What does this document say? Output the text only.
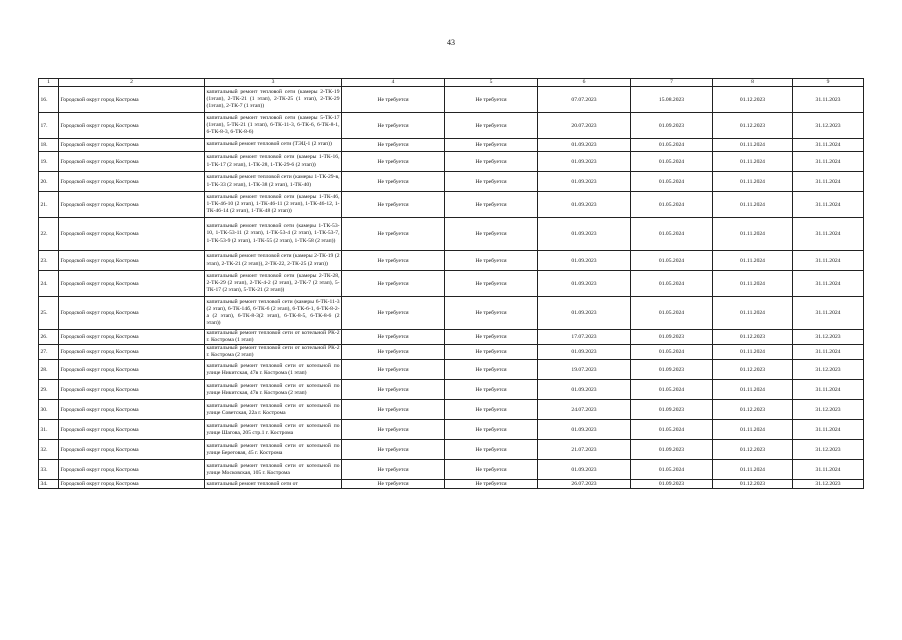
43
1	2	3	4	5	6	7	8	9
16.	Городской округ город Кострома	капитальный ремонт тепловой сети (камеры 2-ТК-19 (1этап), 2-ТК-21 (1 этап), 2-ТК-25 (1 этап), 2-ТК-29 (1этап), 2-ТК-7 (1 этап))	Не требуется	Не требуется	07.07.2023	15.08.2023	01.12.2023	31.11.2023
17.	Городской округ город Кострома	капитальный ремонт тепловой сети (камеры 5-ТК-17 (1этап), 5-ТК-21 (1 этап), 6-ТК-11-3, 6-ТК-6, 6-ТК-8-1, 6-ТК-8-3, 6-ТК-8-6)	Не требуется	Не требуется	20.07.2023	01.09.2023	01.12.2023	31.12.2023
18.	Городской округ город Кострома	капитальный ремонт тепловой сети (ТЭЦ-1 (2 этап))	Не требуется	Не требуется	01.09.2023	01.05.2024	01.11.2024	31.11.2024
19.	Городской округ город Кострома	капитальный ремонт тепловой сети (камеры 1-ТК-16, 1-ТК-17 (2 этап), 1-ТК-28, 1-ТК-29-6 (2 этап))	Не требуется	Не требуется	01.09.2023	01.05.2024	01.11.2024	31.11.2024
20.	Городской округ город Кострома	капитальный ремонт тепловой сети (камеры 1-ТК-29-в, 1-ТК-33 (2 этап), 1-ТК-38 (2 этап), 1-ТК-40)	Не требуется	Не требуется	01.09.2023	01.05.2024	01.11.2024	31.11.2024
21.	Городской округ город Кострома	капитальный ремонт тепловой сети (камеры 1-ТК-46, 1-ТК-46-10 (2 этап), 1-ТК-46-11 (2 этап), 1-ТК-46-12, 1-ТК-46-14 (2 этап), 1-ТК-48 (2 этап))	Не требуется	Не требуется	01.09.2023	01.05.2024	01.11.2024	31.11.2024
22.	Городской округ город Кострома	капитальный ремонт тепловой сети (камеры 1-ТК-53-10, 1-ТК-53-11 (2 этап), 1-ТК-53-4 (2 этап), 1-ТК-53-7, 1-ТК-53-9 (2 этап), 1-ТК-55 (2 этап), 1-ТК-58 (2 этап))	Не требуется	Не требуется	01.09.2023	01.05.2024	01.11.2024	31.11.2024
23.	Городской округ город Кострома	капитальный ремонт тепловой сети (камеры 2-ТК-19 (2 этап), 2-ТК-21 (2 этап)), 2-ТК-22, 2-ТК-25 (2 этап))	Не требуется	Не требуется	01.09.2023	01.05.2024	01.11.2024	31.11.2024
24.	Городской округ город Кострома	капитальный ремонт тепловой сети (камеры 2-ТК-28, 2-ТК-29 (2 этап), 2-ТК-4-2 (2 этап), 2-ТК-7 (2 этап), 5-ТК-17 (2 этап), 5-ТК-21 (2 этап))	Не требуется	Не требуется	01.09.2023	01.05.2024	01.11.2024	31.11.2024
25.	Городской округ город Кострома	капитальный ремонт тепловой сети (камеры 6-ТК-11-3 (2 этап), 6-ТК-14б, 6-ТК-6 (2 этап), 6-ТК-6-1, 6-ТК-8-2-а (2 этап), 6-ТК-8-3(2 этап), 6-ТК-8-5, 6-ТК-8-6 (2 этап))	Не требуется	Не требуется	01.09.2023	01.05.2024	01.11.2024	31.11.2024
26.	Городской округ город Кострома	капитальный ремонт тепловой сети от котельной РК-2 г. Кострома (1 этап)	Не требуется	Не требуется	17.07.2023	01.09.2023	01.12.2023	31.12.2023
27.	Городской округ город Кострома	капитальный ремонт тепловой сети от котельной РК-2 г. Кострома (2 этап)	Не требуется	Не требуется	01.09.2023	01.05.2024	01.11.2024	31.11.2024
28.	Городской округ город Кострома	капитальный ремонт тепловой сети от котельной по улице Никитская, 47в г. Кострома (1 этап)	Не требуется	Не требуется	19.07.2023	01.09.2023	01.12.2023	31.12.2023
29.	Городской округ город Кострома	капитальный ремонт тепловой сети от котельной по улице Никитская, 47в г. Кострома (2 этап)	Не требуется	Не требуется	01.09.2023	01.05.2024	01.11.2024	31.11.2024
30.	Городской округ город Кострома	капитальный ремонт тепловой сети от котельной по улице Советская, 22а г. Кострома	Не требуется	Не требуется	24.07.2023	01.09.2023	01.12.2023	31.12.2023
31.	Городской округ город Кострома	капитальный ремонт тепловой сети от котельной по улице Шагова, 205 стр.1 г. Кострома	Не требуется	Не требуется	01.09.2023	01.05.2024	01.11.2024	31.11.2024
32.	Городской округ город Кострома	капитальный ремонт тепловой сети от котельной по улице Береговая, 45 г. Кострома	Не требуется	Не требуется	21.07.2023	01.09.2023	01.12.2023	31.12.2023
33.	Городской округ город Кострома	капитальный ремонт тепловой сети от котельной по улице Московская, 105 г. Кострома	Не требуется	Не требуется	01.09.2023	01.05.2024	01.11.2024	31.11.2024
34.	Городской округ город Кострома	капитальный ремонт тепловой сети от	Не требуется	Не требуется	26.07.2023	01.09.2023	01.12.2023	31.12.2023
